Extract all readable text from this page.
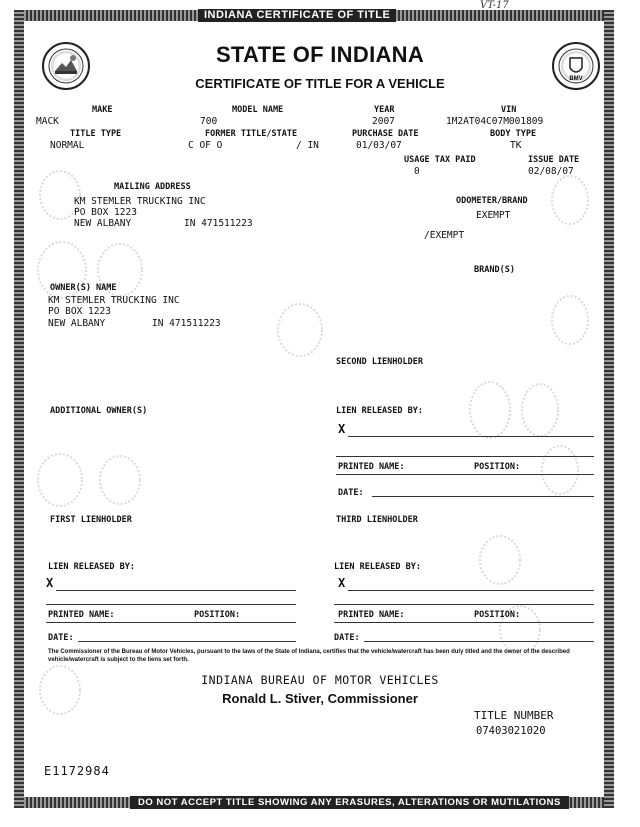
INDIANA CERTIFICATE OF TITLE
DO NOT ACCEPT TITLE SHOWING ANY ERASURES, ALTERATIONS OR MUTILATIONS
VT-17
BMV
STATE OF INDIANA
CERTIFICATE OF TITLE FOR A VEHICLE
MAKE
MACK
MODEL NAME
700
YEAR
2007
VIN
1M2AT04C07M001809
TITLE TYPE
NORMAL
FORMER TITLE/STATE
C OF O	/ IN
PURCHASE DATE
01/03/07
BODY TYPE
TK
USAGE TAX PAID
0
ISSUE DATE
02/08/07
MAILING ADDRESS
KM STEMLER TRUCKING INC
PO BOX 1223
NEW ALBANY	IN 471511223
ODOMETER/BRAND
EXEMPT
/EXEMPT
BRAND(S)
OWNER(S) NAME
KM STEMLER TRUCKING INC
PO BOX 1223
NEW ALBANY	IN 471511223
SECOND LIENHOLDER
ADDITIONAL OWNER(S)	LIEN RELEASED BY:
X
PRINTED NAME:	POSITION:
DATE:
FIRST LIENHOLDER	THIRD LIENHOLDER
LIEN RELEASED BY:
X
PRINTED NAME:	POSITION:
DATE:
LIEN RELEASED BY:
X
PRINTED NAME:	POSITION:
DATE:
The Commissioner of the Bureau of Motor Vehicles, pursuant to the laws of the State of Indiana, certifies that the vehicle/watercraft has been duly titled and the owner of the described vehicle/watercraft is subject to the liens set forth.
INDIANA BUREAU OF MOTOR VEHICLES
Ronald L. Stiver, Commissioner
TITLE NUMBER
07403021020
E1172984
